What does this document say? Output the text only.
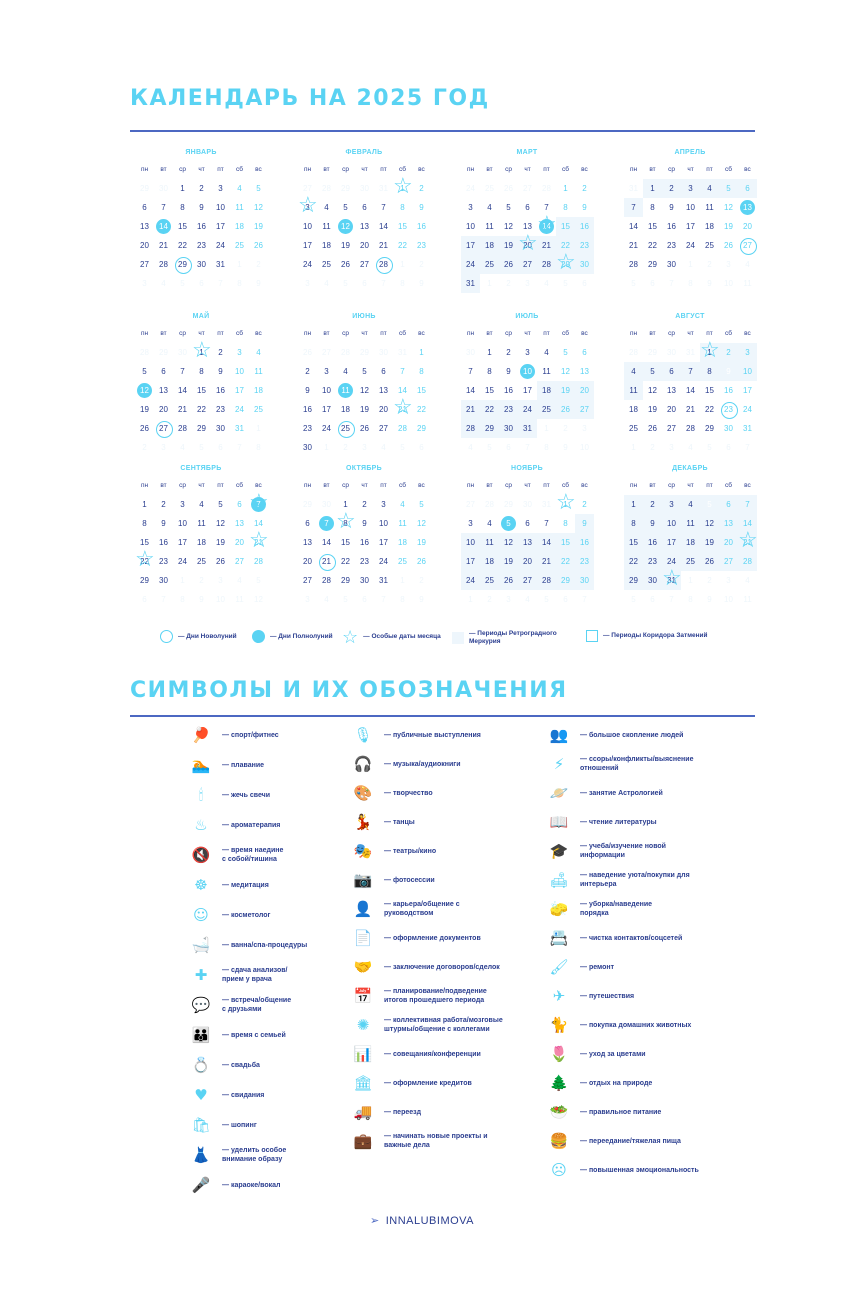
КАЛЕНДАРЬ НА 2025 ГОД
ЯНВАРЬ
пн	вт	ср	чт	пт	сб	вс
29	30	1	2	3	4	5
6	7	8	9	10	11	12
13	14	15	16	17	18	19
20	21	22	23	24	25	26
27	28	29	30	31	1	2
3	4	5	6	7	8	9
ФЕВРАЛЬ
пн	вт	ср	чт	пт	сб	вс
27	28	29	30	31	1 ☆	2
3 ☆	4	5	6	7	8	9
10	11	12	13	14	15	16
17	18	19	20	21	22	23
24	25	26	27	28	1	2
3	4	5	6	7	8	9
МАРТ
пн	вт	ср	чт	пт	сб	вс
24	25	26	27	28	1	2
3	4	5	6	7	8	9
10	11	12	13	14 ☆	15	16
17	18	19	20 ☆	21	22	23
24	25	26	27	28	29 ☆	30
31	1	2	3	4	5	6
АПРЕЛЬ
пн	вт	ср	чт	пт	сб	вс
31	1	2	3	4	5	6
7	8	9	10	11	12	13
14	15	16	17	18	19	20
21	22	23	24	25	26	27
28	29	30	1	2	3	4
5	6	7	8	9	10	11
МАЙ
пн	вт	ср	чт	пт	сб	вс
28	29	30	1 ☆	2	3	4
5	6	7	8	9	10	11
12	13	14	15	16	17	18
19	20	21	22	23	24	25
26	27	28	29	30	31	1
2	3	4	5	6	7	8
ИЮНЬ
пн	вт	ср	чт	пт	сб	вс
26	27	28	29	30	31	1
2	3	4	5	6	7	8
9	10	11	12	13	14	15
16	17	18	19	20	21 ☆	22
23	24	25	26	27	28	29
30	1	2	3	4	5	6
ИЮЛЬ
пн	вт	ср	чт	пт	сб	вс
30	1	2	3	4	5	6
7	8	9	10	11	12	13
14	15	16	17	18	19	20
21	22	23	24	25	26	27
28	29	30	31	1	2	3
4	5	6	7	8	9	10
АВГУСТ
пн	вт	ср	чт	пт	сб	вс
28	29	30	31	1 ☆	2	3
4	5	6	7	8	9	10
11	12	13	14	15	16	17
18	19	20	21	22	23	24
25	26	27	28	29	30	31
1	2	3	4	5	6	7
СЕНТЯБРЬ
пн	вт	ср	чт	пт	сб	вс
1	2	3	4	5	6	7 ☆
8	9	10	11	12	13	14
15	16	17	18	19	20	21 ☆
22 ☆	23	24	25	26	27	28
29	30	1	2	3	4	5
6	7	8	9	10	11	12
ОКТЯБРЬ
пн	вт	ср	чт	пт	сб	вс
29	30	1	2	3	4	5
6	7	8 ☆	9	10	11	12
13	14	15	16	17	18	19
20	21	22	23	24	25	26
27	28	29	30	31	1	2
3	4	5	6	7	8	9
НОЯБРЬ
пн	вт	ср	чт	пт	сб	вс
27	28	29	30	31	1 ☆	2
3	4	5	6	7	8	9
10	11	12	13	14	15	16
17	18	19	20	21	22	23
24	25	26	27	28	29	30
1	2	3	4	5	6	7
ДЕКАБРЬ
пн	вт	ср	чт	пт	сб	вс
1	2	3	4	5	6	7
8	9	10	11	12	13	14
15	16	17	18	19	20	21 ☆
22	23	24	25	26	27	28
29	30	31 ☆	1	2	3	4
5	6	7	8	9	10	11
— Дни Новолуний	— Дни Полнолуний ☆ — Особые даты месяца	— Периоды Ретроградного
Меркурия
— Периоды Коридора Затмений
СИМВОЛЫ И ИХ ОБОЗНАЧЕНИЯ
🏓 — спорт/фитнес
🏊 — плавание
🕯	— жечь свечи
♨	— ароматерапия
🔇 — время наедине
с собой/тишина
☸	— медитация
☺	— косметолог
🛁 — ванна/спа-процедуры
✚	— сдача анализов/
прием у врача
💬 — встреча/общение
с друзьями
👪 — время с семьей
💍 — свадьба
♥	— свидания
🛍 — шопинг
👗 — уделить особое
внимание образу
🎤 — караоке/вокал
🎙 — публичные выступления
🎧 — музыка/аудиокниги
🎨 — творчество
💃 — танцы
🎭 — театры/кино
📷 — фотосессии
👤 — карьера/общение с
руководством
📄 — оформление документов
🤝 — заключение договоров/сделок
📅 — планирование/подведение
итогов прошедшего периода
✺	— коллективная работа/мозговые
штурмы/общение с коллегами
📊 — совещания/конференции
🏛 — оформление кредитов
🚚 — переезд
💼 — начинать новые проекты и
важные дела
👥 — большое скопление людей
⚡	— ссоры/конфликты/выяснение
отношений
🪐 — занятие Астрологией
📖 — чтение литературы
🎓 — учеба/изучение новой
информации
🛋 — наведение уюта/покупки для
интерьера
🧽 — уборка/наведение
порядка
📇 — чистка контактов/соцсетей
🖌 — ремонт
✈	— путешествия
🐈 — покупка домашних животных
🌷 — уход за цветами
🌲 — отдых на природе
🥗 — правильное питание
🍔 — переедание/тяжелая пища
☹	— повышенная эмоциональность
➢ INNALUBIMOVA
